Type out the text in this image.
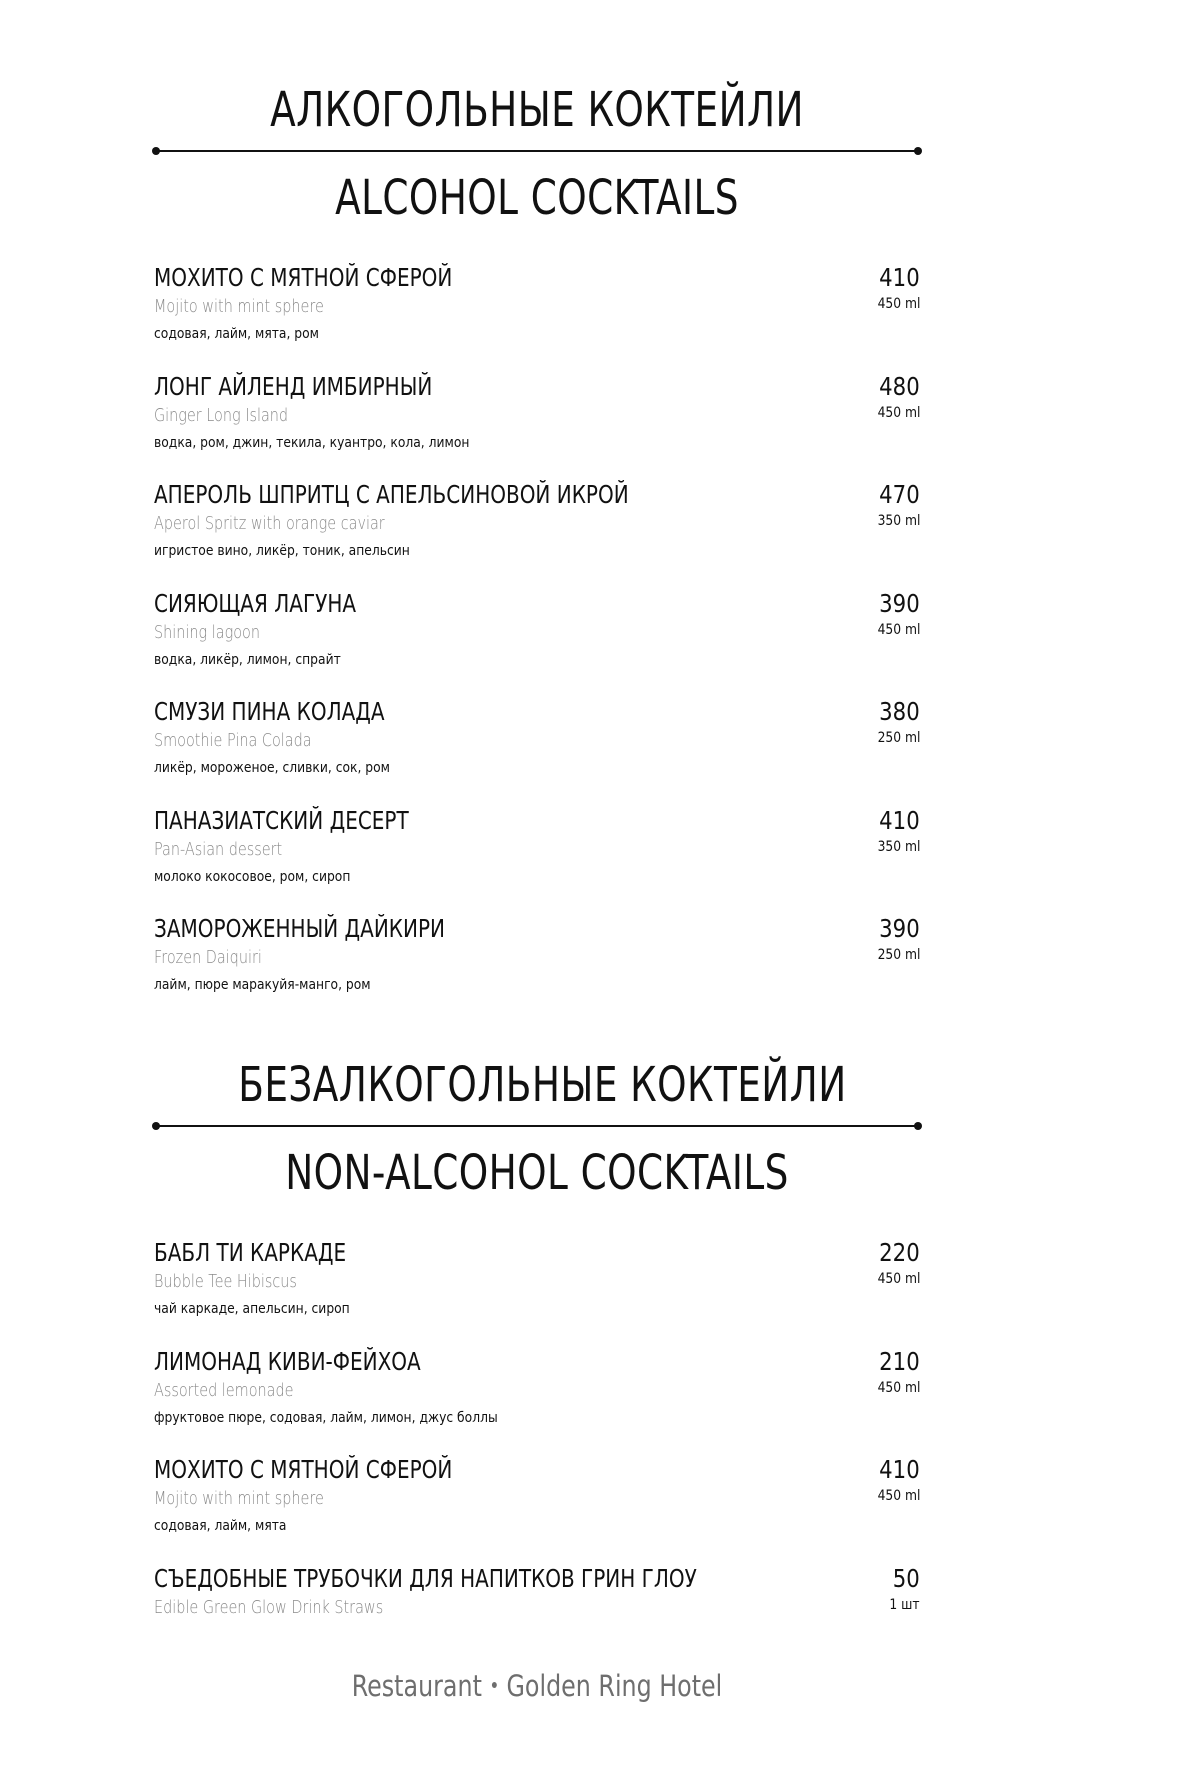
АЛКОГОЛЬНЫЕ КОКТЕЙЛИ
ALCOHOL COCKTAILS
МОХИТО С МЯТНОЙ СФЕРОЙ
Mojito with mint sphere
содовая, лайм, мята, ром
410
450 ml
ЛОНГ АЙЛЕНД ИМБИРНЫЙ
Ginger Long Island
водка, ром, джин, текила, куантро, кола, лимон
480
450 ml
АПЕРОЛЬ ШПРИТЦ С АПЕЛЬСИНОВОЙ ИКРОЙ
Aperol Spritz with orange caviar
игристое вино, ликёр, тоник, апельсин
470
350 ml
СИЯЮЩАЯ ЛАГУНА
Shining lagoon
водка, ликёр, лимон, спрайт
390
450 ml
СМУЗИ ПИНА КОЛАДА
Smoothie Pina Colada
ликёр, мороженое, сливки, сок, ром
380
250 ml
ПАНАЗИАТСКИЙ ДЕСЕРТ
Pan-Asian dessert
молоко кокосовое, ром, сироп
410
350 ml
ЗАМОРОЖЕННЫЙ ДАЙКИРИ
Frozen Daiquiri
лайм, пюре маракуйя-манго, ром
390
250 ml
БЕЗАЛКОГОЛЬНЫЕ КОКТЕЙЛИ
NON-ALCOHOL COCKTAILS
БАБЛ ТИ КАРКАДЕ
Bubble Tee Hibiscus
чай каркаде, апельсин, сироп
220
450 ml
ЛИМОНАД КИВИ-ФЕЙХОА
Assorted lemonade
фруктовое пюре, содовая, лайм, лимон, джус боллы
210
450 ml
МОХИТО С МЯТНОЙ СФЕРОЙ
Mojito with mint sphere
содовая, лайм, мята
410
450 ml
СЪЕДОБНЫЕ ТРУБОЧКИ ДЛЯ НАПИТКОВ ГРИН ГЛОУ
Edible Green Glow Drink Straws
50
1 шт
Restaurant Golden Ring Hotel
